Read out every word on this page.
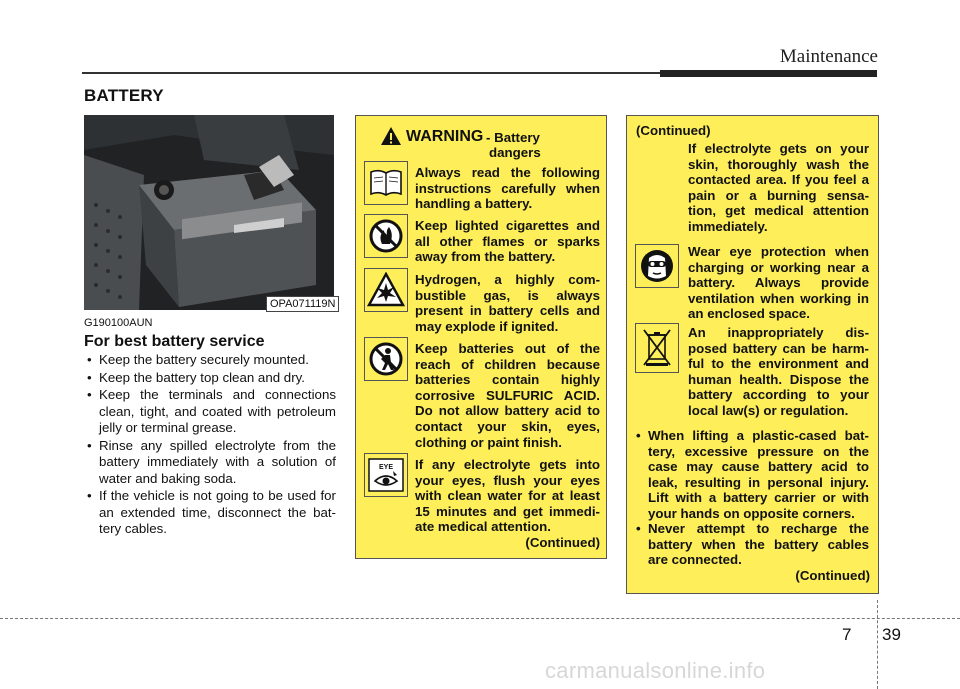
Maintenance
BATTERY
OPA071119N
G190100AUN
For best battery service
• Keep the battery securely mounted.
• Keep the battery top clean and dry.
• Keep the terminals and connections clean, tight, and coated with petroleum jelly or terminal grease.
• Rinse any spilled electrolyte from the battery immediately with a solution of water and baking soda.
• If the vehicle is not going to be used for an extended time, disconnect the bat-tery cables.
WARNING - Battery
dangers
Always read the following instructions carefully when handling a battery.
Keep lighted cigarettes and all other flames or sparks away from the battery.
Hydrogen, a highly com-bustible gas, is always present in battery cells and may explode if ignited.
Keep batteries out of the reach of children because batteries contain highly corrosive SULFURIC ACID. Do not allow battery acid to contact your skin, eyes, clothing or paint finish.
EYE If any electrolyte gets into your eyes, flush your eyes with clean water for at least 15 minutes and get immedi-ate medical attention.
(Continued)
(Continued)
If electrolyte gets on your skin, thoroughly wash the contacted area. If you feel a pain or a burning sensa-tion, get medical attention immediately.
Wear eye protection when charging or working near a battery. Always provide ventilation when working in an enclosed space.
An inappropriately dis-posed battery can be harm-ful to the environment and human health. Dispose the battery according to your local law(s) or regulation.
• When lifting a plastic-cased bat-tery, excessive pressure on the case may cause battery acid to leak, resulting in personal injury. Lift with a battery carrier or with your hands on opposite corners.
• Never attempt to recharge the battery when the battery cables are connected.
(Continued)
7 39
carmanualsonline.info
